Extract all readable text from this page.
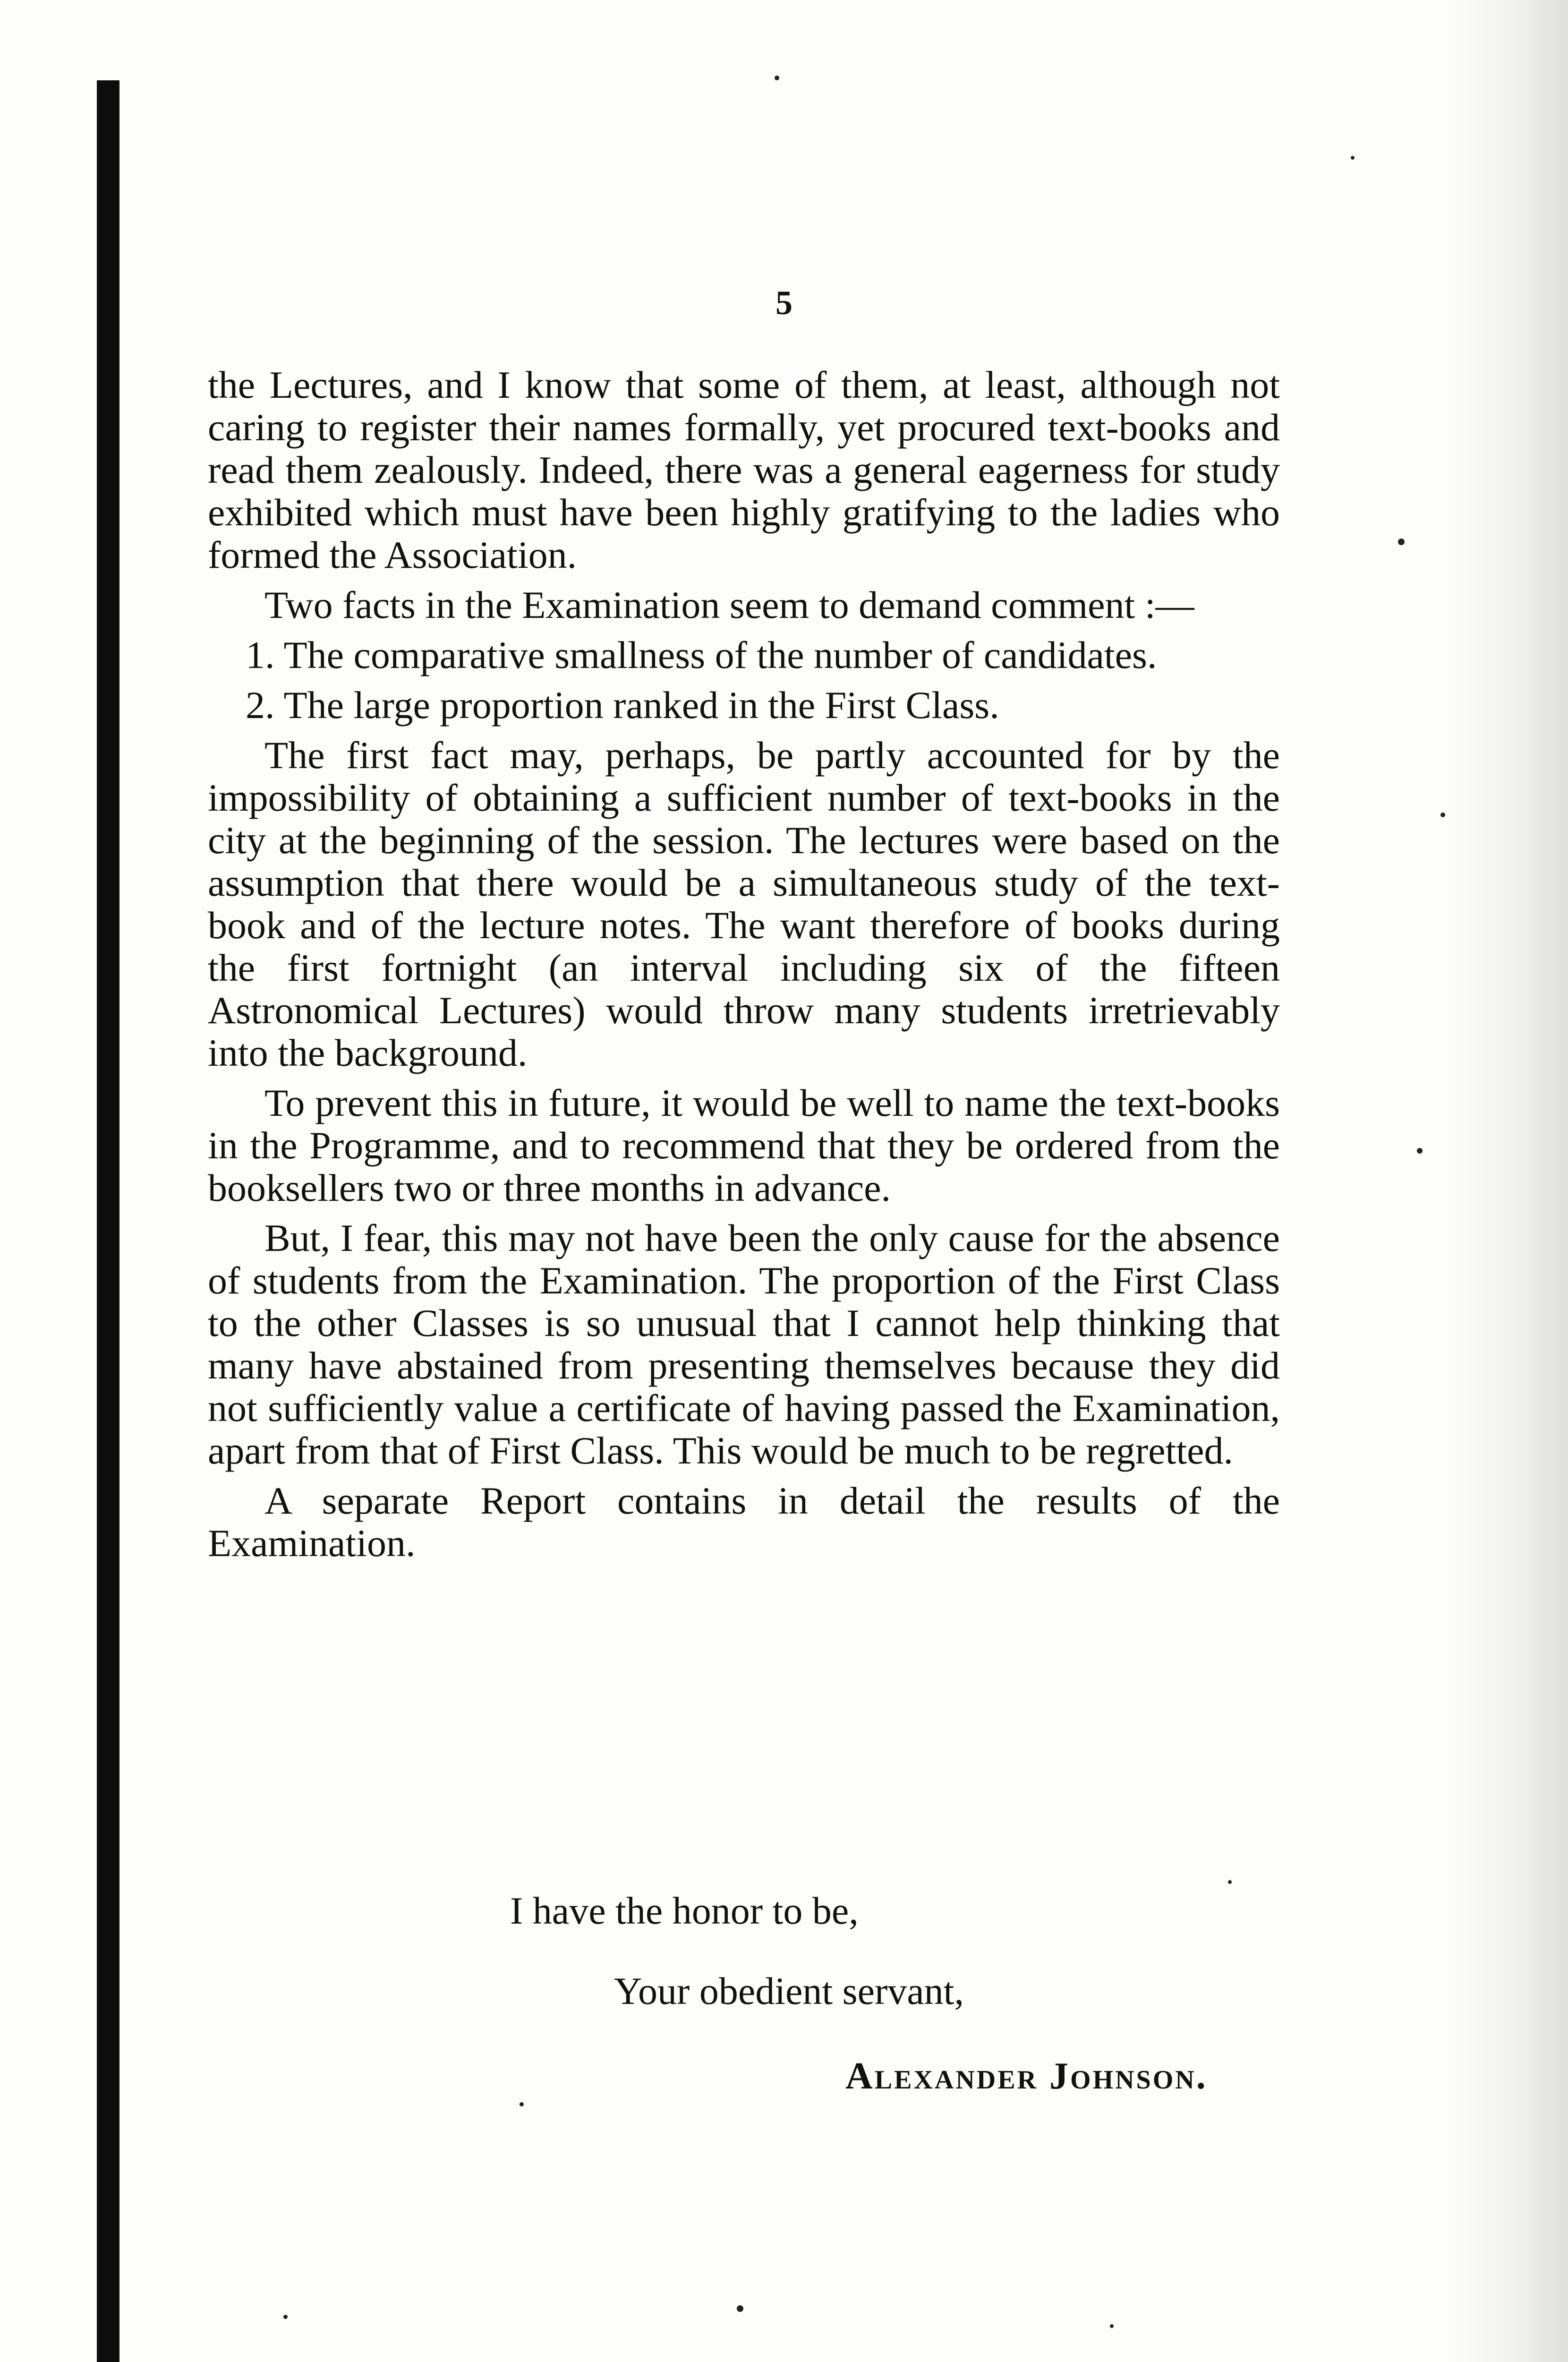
5

the Lectures, and I know that some of them, at least, although not caring to register their names formally, yet procured text-books and read them zealously. Indeed, there was a general eagerness for study exhibited which must have been highly gratifying to the ladies who formed the Association.

Two facts in the Examination seem to demand comment :—

1. The comparative smallness of the number of candidates.

2. The large proportion ranked in the First Class.

The first fact may, perhaps, be partly accounted for by the impossibility of obtaining a sufficient number of text-books in the city at the beginning of the session. The lectures were based on the assumption that there would be a simultaneous study of the text-book and of the lecture notes. The want therefore of books during the first fortnight (an interval including six of the fifteen Astronomical Lectures) would throw many students irretrievably into the background.

To prevent this in future, it would be well to name the text-books in the Programme, and to recommend that they be ordered from the booksellers two or three months in advance.

But, I fear, this may not have been the only cause for the absence of students from the Examination. The proportion of the First Class to the other Classes is so unusual that I cannot help thinking that many have abstained from presenting themselves because they did not sufficiently value a certificate of having passed the Examination, apart from that of First Class. This would be much to be regretted.

A separate Report contains in detail the results of the Examination.

I have the honor to be,
Your obedient servant,
Alexander Johnson.
